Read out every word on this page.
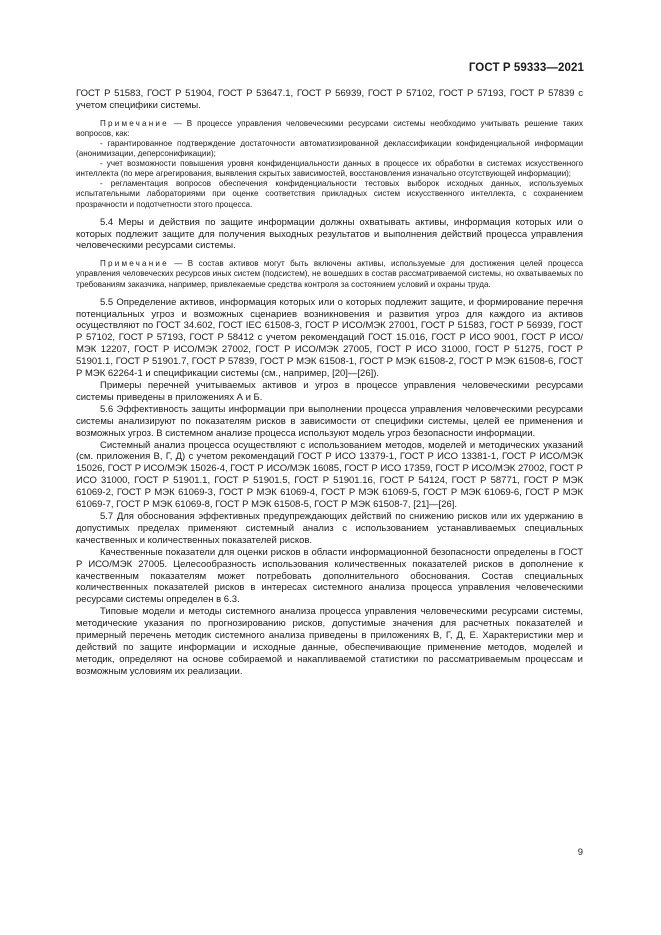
ГОСТ Р 59333—2021

ГОСТ Р 51583, ГОСТ Р 51904, ГОСТ Р 53647.1, ГОСТ Р 56939, ГОСТ Р 57102, ГОСТ Р 57193, ГОСТ Р 57839 с учетом специфики системы.

Примечание — В процессе управления человеческими ресурсами системы необходимо учитывать решение таких вопросов, как:

- гарантированное подтверждение достаточности автоматизированной деклассификации конфиденциальной информации (анонимизации, деперсонификации);

- учет возможности повышения уровня конфиденциальности данных в процессе их обработки в системах искусственного интеллекта (по мере агрегирования, выявления скрытых зависимостей, восстановления изначально отсутствующей информации);

- регламентация вопросов обеспечения конфиденциальности тестовых выборок исходных данных, используемых испытательными лабораториями при оценке соответствия прикладных систем искусственного интеллекта, с сохранением прозрачности и подотчетности этого процесса.

5.4 Меры и действия по защите информации должны охватывать активы, информация которых или о которых подлежит защите для получения выходных результатов и выполнения действий процесса управления человеческими ресурсами системы.

Примечание — В состав активов могут быть включены активы, используемые для достижения целей процесса управления человеческих ресурсов иных систем (подсистем), не вошедших в состав рассматриваемой системы, но охватываемых по требованиям заказчика, например, привлекаемые средства контроля за состоянием условий и охраны труда.

5.5 Определение активов, информация которых или о которых подлежит защите, и формирование перечня потенциальных угроз и возможных сценариев возникновения и развития угроз для каждого из активов осуществляют по ГОСТ 34.602, ГОСТ IEC 61508-3, ГОСТ Р ИСО/МЭК 27001, ГОСТ Р 51583, ГОСТ Р 56939, ГОСТ Р 57102, ГОСТ Р 57193, ГОСТ Р 58412 с учетом рекомендаций ГОСТ 15.016, ГОСТ Р ИСО 9001, ГОСТ Р ИСО/МЭК 12207, ГОСТ Р ИСО/МЭК 27002, ГОСТ Р ИСО/МЭК 27005, ГОСТ Р ИСО 31000, ГОСТ Р 51275, ГОСТ Р 51901.1, ГОСТ Р 51901.7, ГОСТ Р 57839, ГОСТ Р МЭК 61508-1, ГОСТ Р МЭК 61508-2, ГОСТ Р МЭК 61508-6, ГОСТ Р МЭК 62264-1 и спецификации системы (см., например, [20]—[26]).

Примеры перечней учитываемых активов и угроз в процессе управления человеческими ресурсами системы приведены в приложениях А и Б.

5.6 Эффективность защиты информации при выполнении процесса управления человеческими ресурсами системы анализируют по показателям рисков в зависимости от специфики системы, целей ее применения и возможных угроз. В системном анализе процесса используют модель угроз безопасности информации.

Системный анализ процесса осуществляют с использованием методов, моделей и методических указаний (см. приложения В, Г, Д) с учетом рекомендаций ГОСТ Р ИСО 13379-1, ГОСТ Р ИСО 13381-1, ГОСТ Р ИСО/МЭК 15026, ГОСТ Р ИСО/МЭК 15026-4, ГОСТ Р ИСО/МЭК 16085, ГОСТ Р ИСО 17359, ГОСТ Р ИСО/МЭК 27002, ГОСТ Р ИСО 31000, ГОСТ Р 51901.1, ГОСТ Р 51901.5, ГОСТ Р 51901.16, ГОСТ Р 54124, ГОСТ Р 58771, ГОСТ Р МЭК 61069-2, ГОСТ Р МЭК 61069-3, ГОСТ Р МЭК 61069-4, ГОСТ Р МЭК 61069-5, ГОСТ Р МЭК 61069-6, ГОСТ Р МЭК 61069-7, ГОСТ Р МЭК 61069-8, ГОСТ Р МЭК 61508-5, ГОСТ Р МЭК 61508-7, [21]—[26].

5.7 Для обоснования эффективных предупреждающих действий по снижению рисков или их удержанию в допустимых пределах применяют системный анализ с использованием устанавливаемых специальных качественных и количественных показателей рисков.

Качественные показатели для оценки рисков в области информационной безопасности определены в ГОСТ Р ИСО/МЭК 27005. Целесообразность использования количественных показателей рисков в дополнение к качественным показателям может потребовать дополнительного обоснования. Состав специальных количественных показателей рисков в интересах системного анализа процесса управления человеческими ресурсами системы определен в 6.3.

Типовые модели и методы системного анализа процесса управления человеческими ресурсами системы, методические указания по прогнозированию рисков, допустимые значения для расчетных показателей и примерный перечень методик системного анализа приведены в приложениях В, Г, Д, Е. Характеристики мер и действий по защите информации и исходные данные, обеспечивающие применение методов, моделей и методик, определяют на основе собираемой и накапливаемой статистики по рассматриваемым процессам и возможным условиям их реализации.

9
